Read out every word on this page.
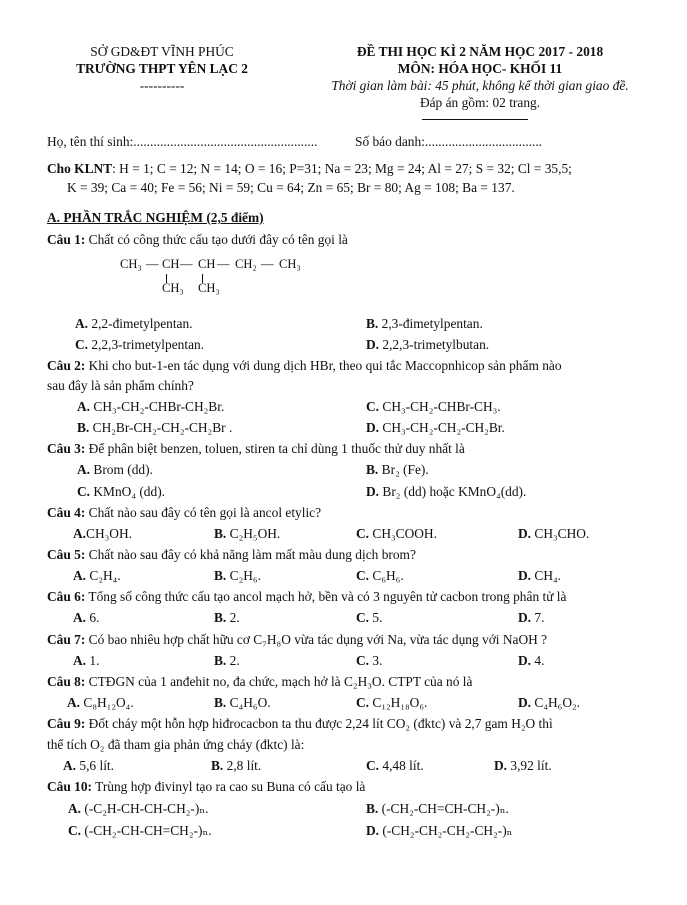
SỞ GD&ĐT VĨNH PHÚC
TRƯỜNG THPT YÊN LẠC 2
----------
ĐỀ THI HỌC KÌ 2 NĂM HỌC 2017 - 2018
MÔN: HÓA HỌC- KHỐI 11
Thời gian làm bài: 45 phút, không kể thời gian giao đề.
Đáp án gồm: 02 trang.
Họ, tên thí sinh:.......................................................	Số báo danh:...................................
Cho KLNT: H = 1; C = 12; N = 14; O = 16; P=31; Na = 23; Mg = 24; Al = 27; S = 32; Cl = 35,5;
K = 39; Ca = 40; Fe = 56; Ni = 59; Cu = 64; Zn = 65; Br = 80; Ag = 108; Ba = 137.
A. PHẦN TRẮC NGHIỆM (2,5 điểm)
Câu 1: Chất có công thức cấu tạo dưới đây có tên gọi là
CH₃ — CH — CH — CH₂ — CH₃
CH₃ CH₃
A. 2,2-đimetylpentan.	B. 2,3-đimetylpentan.
C. 2,2,3-trimetylpentan.	D. 2,2,3-trimetylbutan.
Câu 2: Khi cho but-1-en tác dụng với dung dịch HBr, theo qui tắc Maccopnhicop sản phẩm nào
sau đây là sản phẩm chính?
A. CH₃-CH₂-CHBr-CH₂Br.	C. CH₃-CH₂-CHBr-CH₃.
B. CH₂Br-CH₂-CH₂-CH₂Br .	D. CH₃-CH₂-CH₂-CH₂Br.
Câu 3: Để phân biệt benzen, toluen, stiren ta chỉ dùng 1 thuốc thử duy nhất là
A. Brom (dd).	B. Br₂ (Fe).
C. KMnO₄ (dd).	D. Br₂ (dd) hoặc KMnO₄(dd).
Câu 4: Chất nào sau đây có tên gọi là ancol etylic?
A.CH₃OH.	B. C₂H₅OH.	C. CH₃COOH.	D. CH₃CHO.
Câu 5: Chất nào sau đây có khả năng làm mất màu dung dịch brom?
A. C₂H₄.	B. C₂H₆.	C. C₆H₆.	D. CH₄.
Câu 6: Tổng số công thức cấu tạo ancol mạch hở, bền và có 3 nguyên tử cacbon trong phân tử là
A. 6.	B. 2.	C. 5.	D. 7.
Câu 7: Có bao nhiêu hợp chất hữu cơ C₇H₈O vừa tác dụng với Na, vừa tác dụng với NaOH ?
A. 1.	B. 2.	C. 3.	D. 4.
Câu 8: CTĐGN của 1 anđehit no, đa chức, mạch hở là C₂H₃O. CTPT của nó là
A. C₈H₁₂O₄.	B. C₄H₆O.	C. C₁₂H₁₈O₆.	D. C₄H₆O₂.
Câu 9: Đốt cháy một hỗn hợp hiđrocacbon ta thu được 2,24 lít CO₂ (đktc) và 2,7 gam H₂O thì
thể tích O₂ đã tham gia phản ứng cháy (đktc) là:
A. 5,6 lít.	B. 2,8 lít.	C. 4,48 lít.	D. 3,92 lít.
Câu 10: Trùng hợp đivinyl tạo ra cao su Buna có cấu tạo là
A. (-C₂H-CH-CH-CH₂-)ₙ.	B. (-CH₂-CH=CH-CH₂-)ₙ.
C. (-CH₂-CH-CH=CH₂-)ₙ.	D. (-CH₂-CH₂-CH₂-CH₂-)ₙ
